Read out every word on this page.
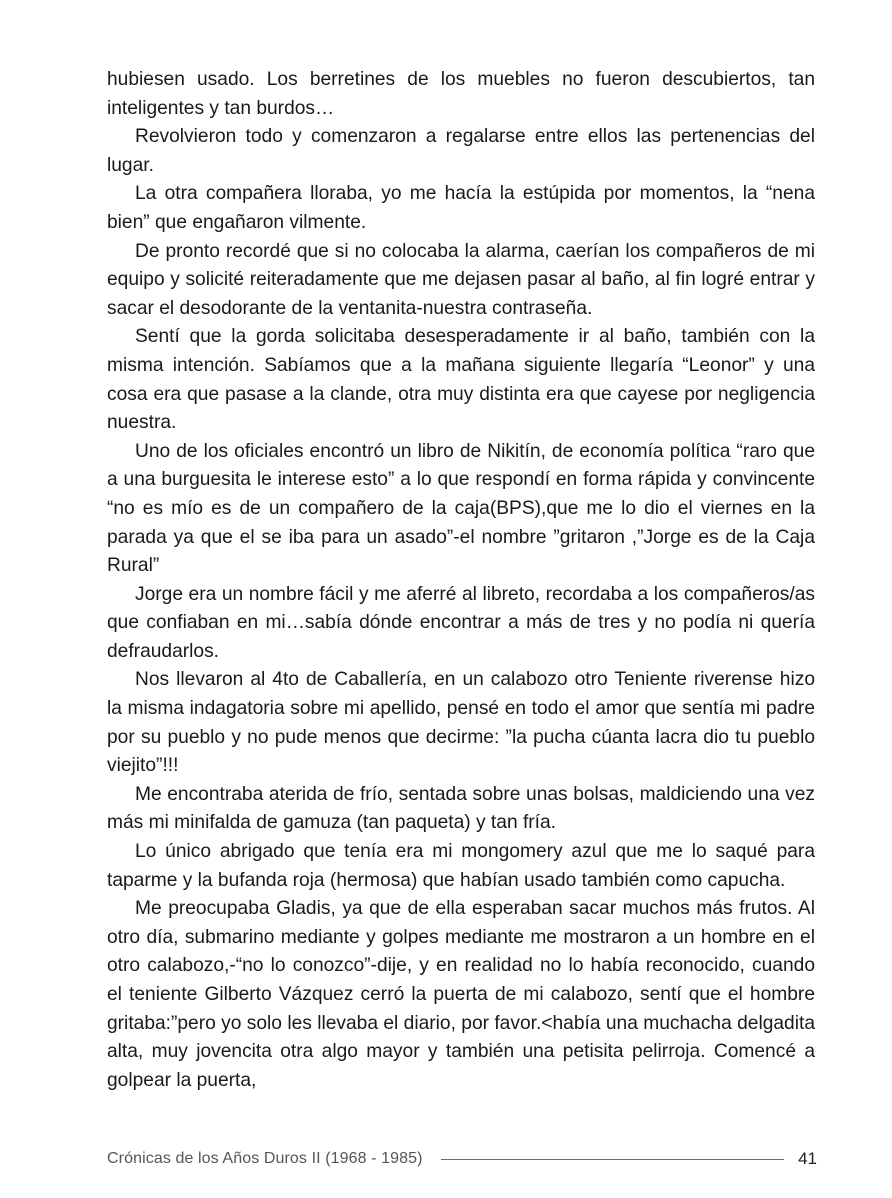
hubiesen usado. Los berretines de los muebles no fueron descubiertos, tan inteligentes y tan burdos…

Revolvieron todo y comenzaron a regalarse entre ellos las pertenencias del lugar.

La otra compañera lloraba, yo me hacía la estúpida por momentos, la “nena bien” que engañaron vilmente.

De pronto recordé que si no colocaba la alarma, caerían los compañeros de mi equipo y solicité reiteradamente que me dejasen pasar al baño, al fin logré entrar y sacar el desodorante de la ventanita-nuestra contraseña.

Sentí que la gorda solicitaba desesperadamente ir al baño, también con la misma intención. Sabíamos que a la mañana siguiente llegaría “Leonor” y una cosa era que pasase a la clande, otra muy distinta era que cayese por negligencia nuestra.

Uno de los oficiales encontró un libro de Nikitín, de economía política “raro que a una burguesita le interese esto” a lo que respondí en forma rápida y convincente “no es mío es de un compañero de la caja(BPS),que me lo dio el viernes en la parada ya que el se iba para un asado”-el nombre ”gritaron ,”Jorge es de la Caja Rural”

Jorge era un nombre fácil y me aferré al libreto, recordaba a los compañeros/as que confiaban en mi…sabía dónde encontrar a más de tres y no podía ni quería defraudarlos.

Nos llevaron al 4to de Caballería, en un calabozo otro Teniente riverense hizo la misma indagatoria sobre mi apellido, pensé en todo el amor que sentía mi padre por su pueblo y no pude menos que decirme: ”la pucha cúanta lacra dio tu pueblo viejito”!!!

Me encontraba aterida de frío, sentada sobre unas bolsas, maldiciendo una vez más mi minifalda de gamuza (tan paqueta) y tan fría.

Lo único abrigado que tenía era mi mongomery azul que me lo saqué para taparme y la bufanda roja (hermosa) que habían usado también como capucha.

Me preocupaba Gladis, ya que de ella esperaban sacar muchos más frutos. Al otro día, submarino mediante y golpes mediante me mostraron a un hombre en el otro calabozo,-“no lo conozco”-dije, y en realidad no lo había reconocido, cuando el teniente Gilberto Vázquez cerró la puerta de mi calabozo, sentí que el hombre gritaba:”pero yo solo les llevaba el diario, por favor.<había una muchacha delgadita alta, muy jovencita otra algo mayor y también una petisita pelirroja. Comencé a golpear la puerta,

Crónicas de los Años Duros II (1968 - 1985)	41
